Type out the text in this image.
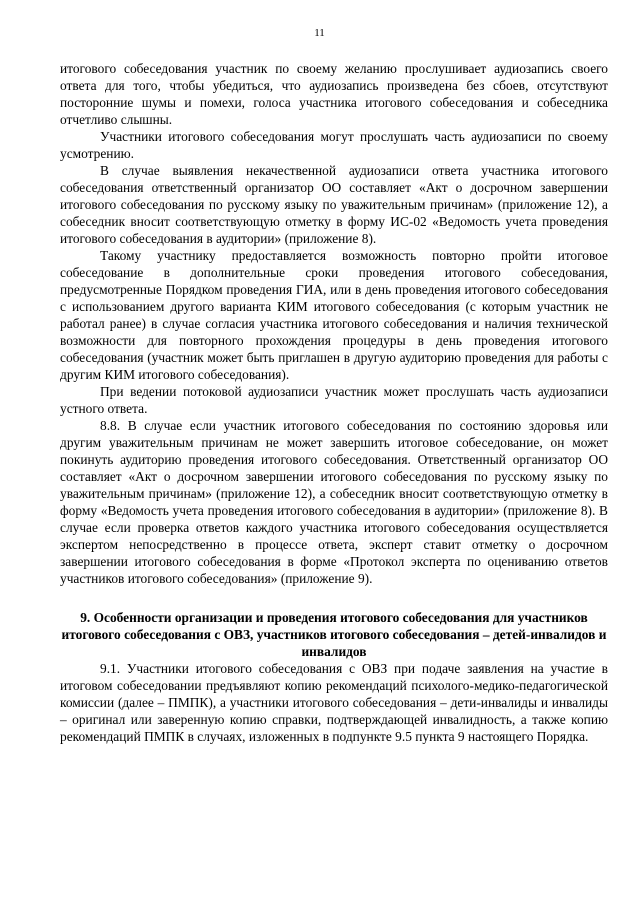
11

итогового собеседования участник по своему желанию прослушивает аудиозапись своего ответа для того, чтобы убедиться, что аудиозапись произведена без сбоев, отсутствуют посторонние шумы и помехи, голоса участника итогового собеседования и собеседника отчетливо слышны.

Участники итогового собеседования могут прослушать часть аудиозаписи по своему усмотрению.

В случае выявления некачественной аудиозаписи ответа участника итогового собеседования ответственный организатор ОО составляет «Акт о досрочном завершении итогового собеседования по русскому языку по уважительным причинам» (приложение 12), а собеседник вносит соответствующую отметку в форму ИС-02 «Ведомость учета проведения итогового собеседования в аудитории» (приложение 8).

Такому участнику предоставляется возможность повторно пройти итоговое собеседование в дополнительные сроки проведения итогового собеседования, предусмотренные Порядком проведения ГИА, или в день проведения итогового собеседования с использованием другого варианта КИМ итогового собеседования (с которым участник не работал ранее) в случае согласия участника итогового собеседования и наличия технической возможности для повторного прохождения процедуры в день проведения итогового собеседования (участник может быть приглашен в другую аудиторию проведения для работы с другим КИМ итогового собеседования).

При ведении потоковой аудиозаписи участник может прослушать часть аудиозаписи устного ответа.

8.8. В случае если участник итогового собеседования по состоянию здоровья или другим уважительным причинам не может завершить итоговое собеседование, он может покинуть аудиторию проведения итогового собеседования. Ответственный организатор ОО составляет «Акт о досрочном завершении итогового собеседования по русскому языку по уважительным причинам» (приложение 12), а собеседник вносит соответствующую отметку в форму «Ведомость учета проведения итогового собеседования в аудитории» (приложение 8). В случае если проверка ответов каждого участника итогового собеседования осуществляется экспертом непосредственно в процессе ответа, эксперт ставит отметку о досрочном завершении итогового собеседования в форме «Протокол эксперта по оцениванию ответов участников итогового собеседования» (приложение 9).

9. Особенности организации и проведения итогового собеседования для участников итогового собеседования с ОВЗ, участников итогового собеседования – детей-инвалидов и инвалидов

9.1. Участники итогового собеседования с ОВЗ при подаче заявления на участие в итоговом собеседовании предъявляют копию рекомендаций психолого-медико-педагогической комиссии (далее – ПМПК), а участники итогового собеседования – дети-инвалиды и инвалиды – оригинал или заверенную копию справки, подтверждающей инвалидность, а также копию рекомендаций ПМПК в случаях, изложенных в подпункте 9.5 пункта 9 настоящего Порядка.
